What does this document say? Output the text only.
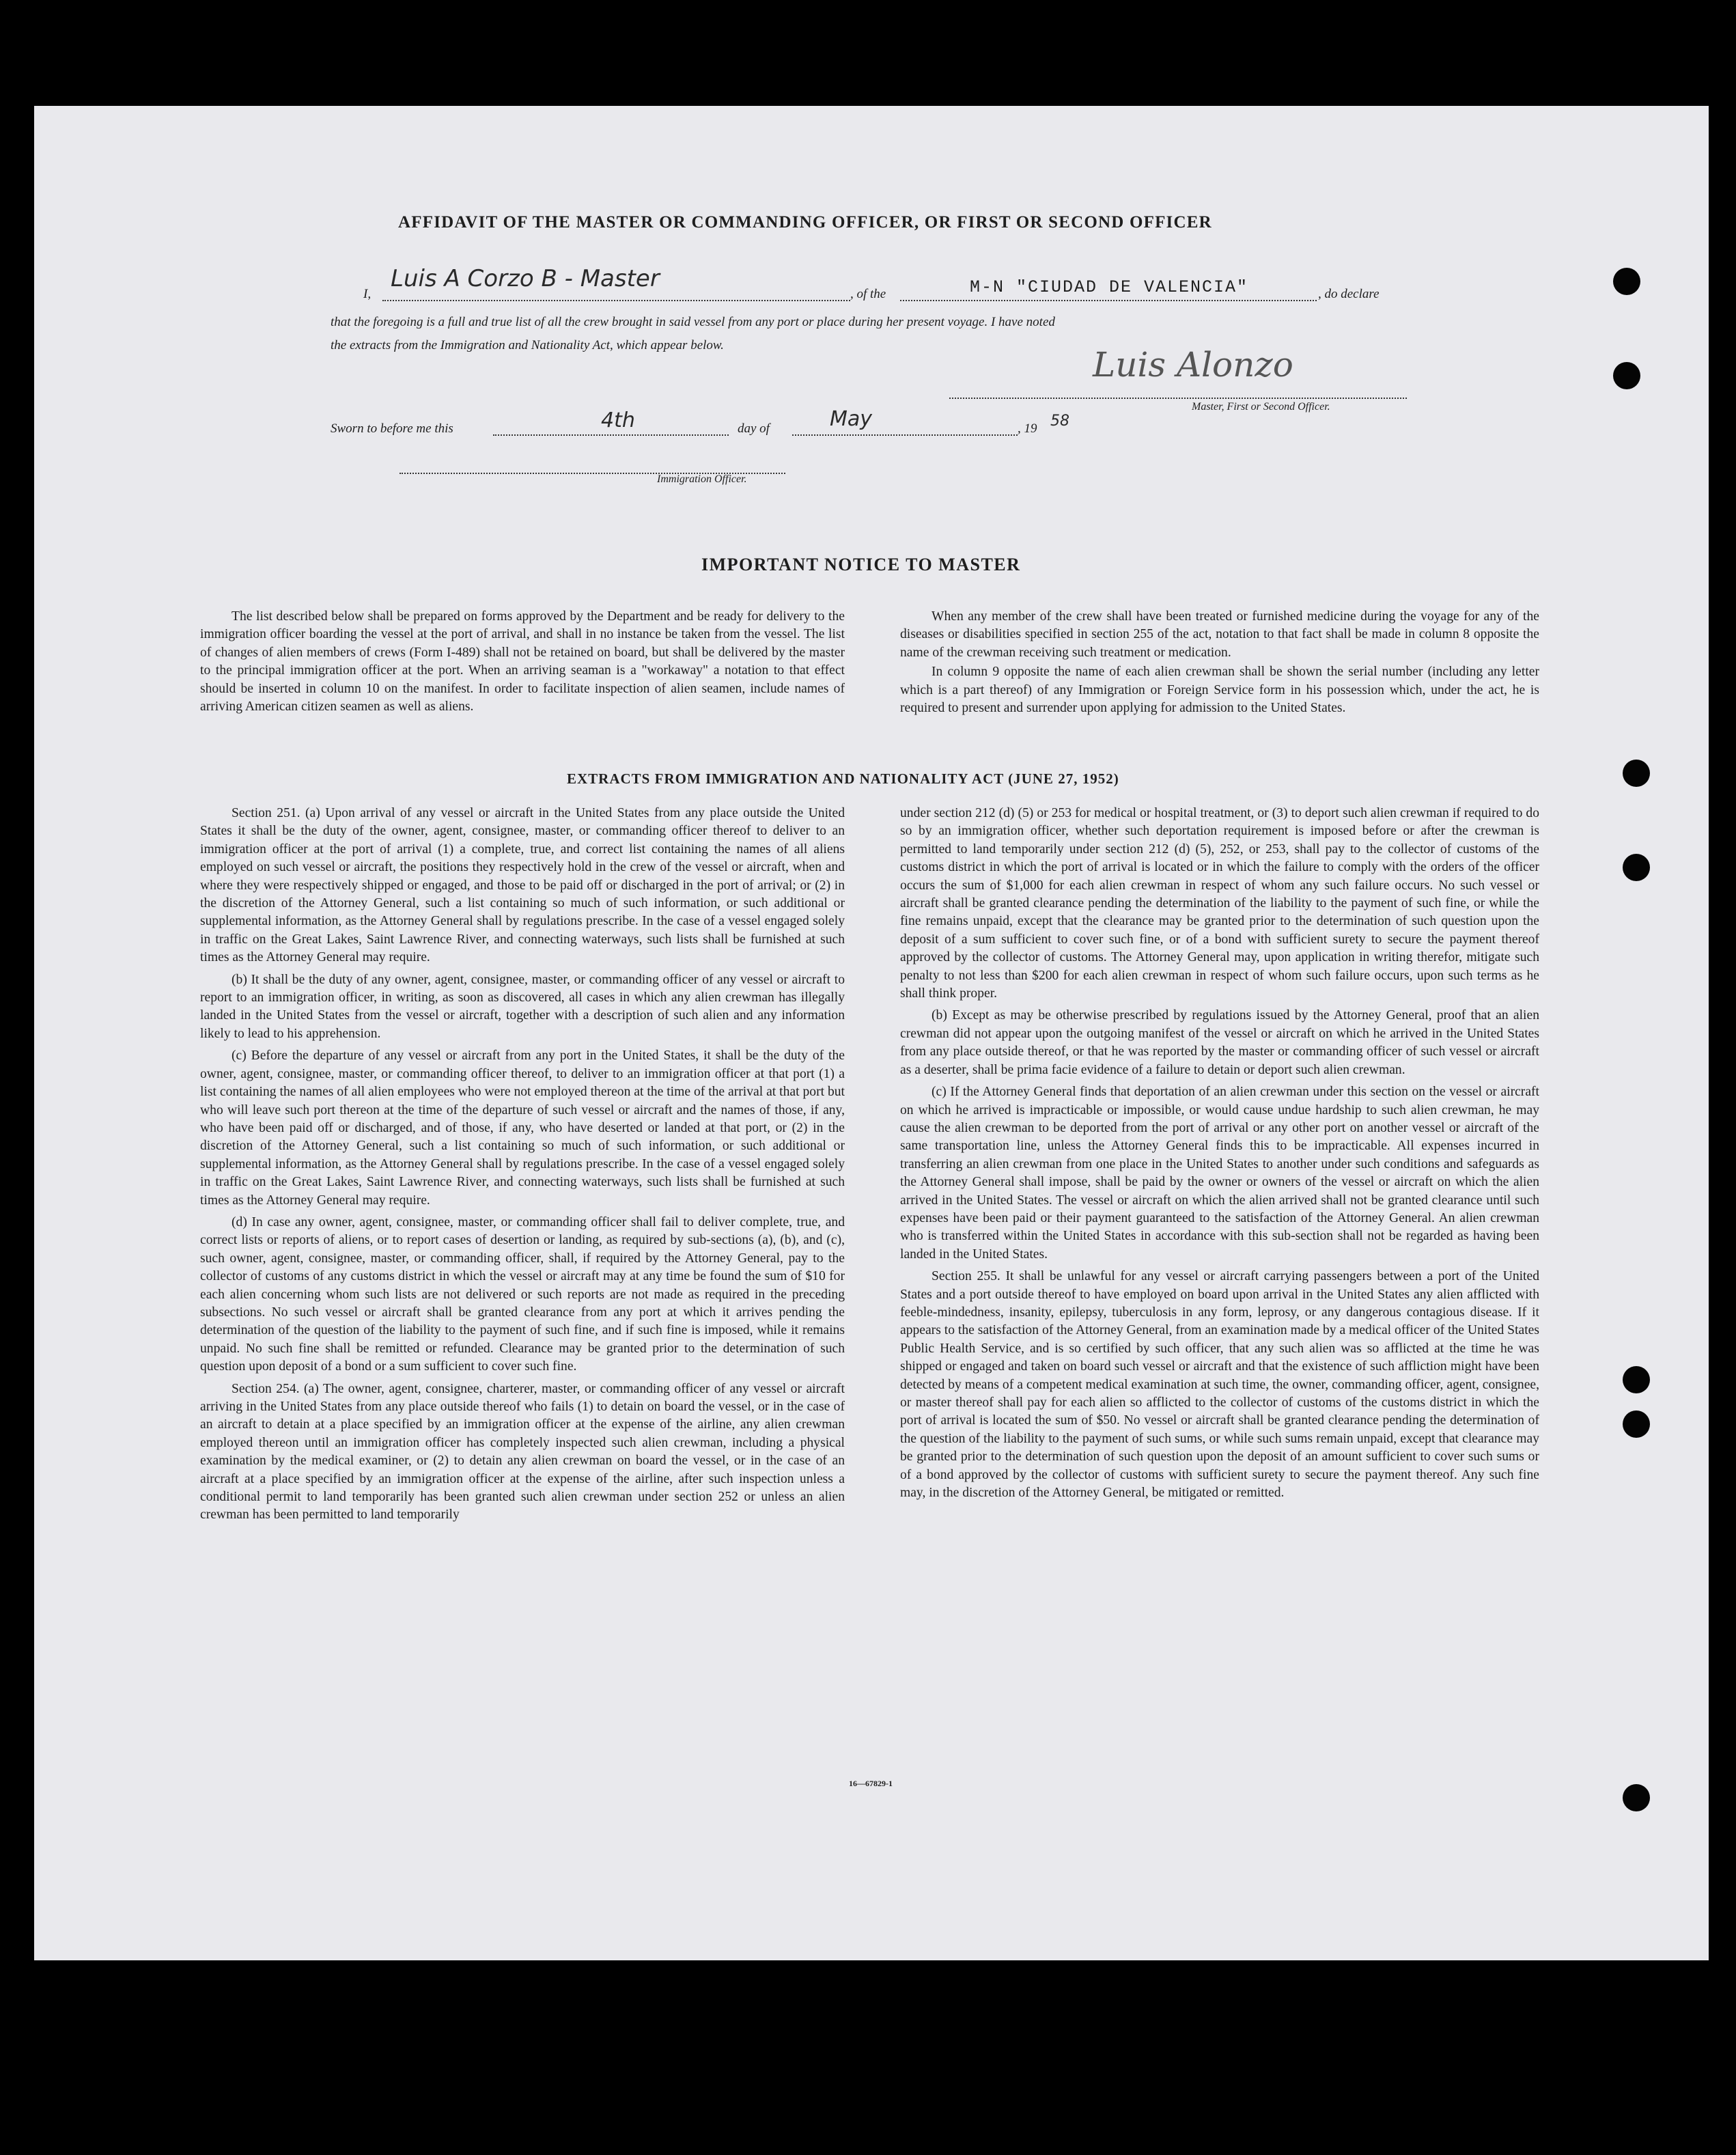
AFFIDAVIT OF THE MASTER OR COMMANDING OFFICER, OR FIRST OR SECOND OFFICER
I,
Luis A Corzo B - Master
, of the	M-N "CIUDAD DE VALENCIA"	, do declare
that the foregoing is a full and true list of all the crew brought in said vessel from any port or place during her present voyage. I have noted
the extracts from the Immigration and Nationality Act, which appear below.	Luis Alonzo
Master, First or Second Officer.
Sworn to before me this	4th	day of	May	, 19 58
Immigration Officer.
IMPORTANT NOTICE TO MASTER

The list described below shall be prepared on forms approved by the Department and be ready for delivery to the immigration officer boarding the vessel at the port of arrival, and shall in no instance be taken from the vessel. The list of changes of alien members of crews (Form I-489) shall not be retained on board, but shall be delivered by the master to the principal immigration officer at the port. When an arriving seaman is a "workaway" a notation to that effect should be inserted in column 10 on the manifest. In order to facilitate inspection of alien seamen, include names of arriving American citizen seamen as well as aliens.

When any member of the crew shall have been treated or furnished medicine during the voyage for any of the diseases or disabilities specified in section 255 of the act, notation to that fact shall be made in column 8 opposite the name of the crewman receiving such treatment or medication.

In column 9 opposite the name of each alien crewman shall be shown the serial number (including any letter which is a part thereof) of any Immigration or Foreign Service form in his possession which, under the act, he is required to present and surrender upon applying for admission to the United States.

EXTRACTS FROM IMMIGRATION AND NATIONALITY ACT (JUNE 27, 1952)

Section 251. (a) Upon arrival of any vessel or aircraft in the United States from any place outside the United States it shall be the duty of the owner, agent, consignee, master, or commanding officer thereof to deliver to an immigration officer at the port of arrival (1) a complete, true, and correct list containing the names of all aliens employed on such vessel or aircraft, the positions they respectively hold in the crew of the vessel or aircraft, when and where they were respectively shipped or engaged, and those to be paid off or discharged in the port of arrival; or (2) in the discretion of the Attorney General, such a list containing so much of such information, or such additional or supplemental information, as the Attorney General shall by regulations prescribe. In the case of a vessel engaged solely in traffic on the Great Lakes, Saint Lawrence River, and connecting waterways, such lists shall be furnished at such times as the Attorney General may require.

(b) It shall be the duty of any owner, agent, consignee, master, or commanding officer of any vessel or aircraft to report to an immigration officer, in writing, as soon as discovered, all cases in which any alien crewman has illegally landed in the United States from the vessel or aircraft, together with a description of such alien and any information likely to lead to his apprehension.

(c) Before the departure of any vessel or aircraft from any port in the United States, it shall be the duty of the owner, agent, consignee, master, or commanding officer thereof, to deliver to an immigration officer at that port (1) a list containing the names of all alien employees who were not employed thereon at the time of the arrival at that port but who will leave such port thereon at the time of the departure of such vessel or aircraft and the names of those, if any, who have been paid off or discharged, and of those, if any, who have deserted or landed at that port, or (2) in the discretion of the Attorney General, such a list containing so much of such information, or such additional or supplemental information, as the Attorney General shall by regulations prescribe. In the case of a vessel engaged solely in traffic on the Great Lakes, Saint Lawrence River, and connecting waterways, such lists shall be furnished at such times as the Attorney General may require.

(d) In case any owner, agent, consignee, master, or commanding officer shall fail to deliver complete, true, and correct lists or reports of aliens, or to report cases of desertion or landing, as required by sub-sections (a), (b), and (c), such owner, agent, consignee, master, or commanding officer, shall, if required by the Attorney General, pay to the collector of customs of any customs district in which the vessel or aircraft may at any time be found the sum of $10 for each alien concerning whom such lists are not delivered or such reports are not made as required in the preceding subsections. No such vessel or aircraft shall be granted clearance from any port at which it arrives pending the determination of the question of the liability to the payment of such fine, and if such fine is imposed, while it remains unpaid. No such fine shall be remitted or refunded. Clearance may be granted prior to the determination of such question upon deposit of a bond or a sum sufficient to cover such fine.

Section 254. (a) The owner, agent, consignee, charterer, master, or commanding officer of any vessel or aircraft arriving in the United States from any place outside thereof who fails (1) to detain on board the vessel, or in the case of an aircraft to detain at a place specified by an immigration officer at the expense of the airline, any alien crewman employed thereon until an immigration officer has completely inspected such alien crewman, including a physical examination by the medical examiner, or (2) to detain any alien crewman on board the vessel, or in the case of an aircraft at a place specified by an immigration officer at the expense of the airline, after such inspection unless a conditional permit to land temporarily has been granted such alien crewman under section 252 or unless an alien crewman has been permitted to land temporarily

under section 212 (d) (5) or 253 for medical or hospital treatment, or (3) to deport such alien crewman if required to do so by an immigration officer, whether such deportation requirement is imposed before or after the crewman is permitted to land temporarily under section 212 (d) (5), 252, or 253, shall pay to the collector of customs of the customs district in which the port of arrival is located or in which the failure to comply with the orders of the officer occurs the sum of $1,000 for each alien crewman in respect of whom any such failure occurs. No such vessel or aircraft shall be granted clearance pending the determination of the liability to the payment of such fine, or while the fine remains unpaid, except that the clearance may be granted prior to the determination of such question upon the deposit of a sum sufficient to cover such fine, or of a bond with sufficient surety to secure the payment thereof approved by the collector of customs. The Attorney General may, upon application in writing therefor, mitigate such penalty to not less than $200 for each alien crewman in respect of whom such failure occurs, upon such terms as he shall think proper.

(b) Except as may be otherwise prescribed by regulations issued by the Attorney General, proof that an alien crewman did not appear upon the outgoing manifest of the vessel or aircraft on which he arrived in the United States from any place outside thereof, or that he was reported by the master or commanding officer of such vessel or aircraft as a deserter, shall be prima facie evidence of a failure to detain or deport such alien crewman.

(c) If the Attorney General finds that deportation of an alien crewman under this section on the vessel or aircraft on which he arrived is impracticable or impossible, or would cause undue hardship to such alien crewman, he may cause the alien crewman to be deported from the port of arrival or any other port on another vessel or aircraft of the same transportation line, unless the Attorney General finds this to be impracticable. All expenses incurred in transferring an alien crewman from one place in the United States to another under such conditions and safeguards as the Attorney General shall impose, shall be paid by the owner or owners of the vessel or aircraft on which the alien arrived in the United States. The vessel or aircraft on which the alien arrived shall not be granted clearance until such expenses have been paid or their payment guaranteed to the satisfaction of the Attorney General. An alien crewman who is transferred within the United States in accordance with this sub-section shall not be regarded as having been landed in the United States.

Section 255. It shall be unlawful for any vessel or aircraft carrying passengers between a port of the United States and a port outside thereof to have employed on board upon arrival in the United States any alien afflicted with feeble-mindedness, insanity, epilepsy, tuberculosis in any form, leprosy, or any dangerous contagious disease. If it appears to the satisfaction of the Attorney General, from an examination made by a medical officer of the United States Public Health Service, and is so certified by such officer, that any such alien was so afflicted at the time he was shipped or engaged and taken on board such vessel or aircraft and that the existence of such affliction might have been detected by means of a competent medical examination at such time, the owner, commanding officer, agent, consignee, or master thereof shall pay for each alien so afflicted to the collector of customs of the customs district in which the port of arrival is located the sum of $50. No vessel or aircraft shall be granted clearance pending the determination of the question of the liability to the payment of such sums, or while such sums remain unpaid, except that clearance may be granted prior to the determination of such question upon the deposit of an amount sufficient to cover such sums or of a bond approved by the collector of customs with sufficient surety to secure the payment thereof. Any such fine may, in the discretion of the Attorney General, be mitigated or remitted.

16—67829-1
